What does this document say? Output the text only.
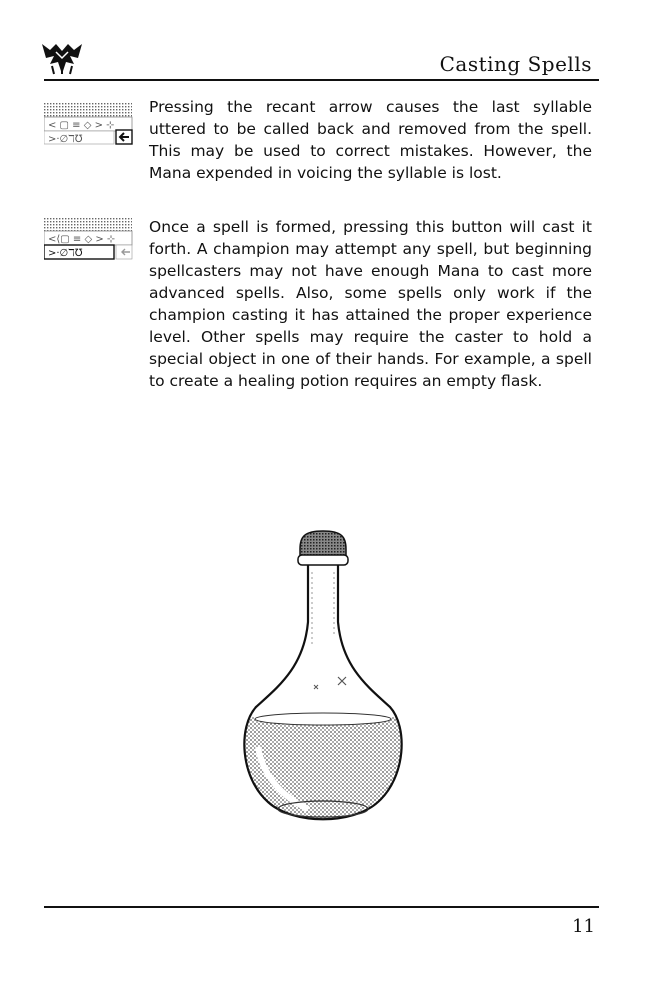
Casting Spells
< ▢ ≡ ◇ > ⊹
>·∅ℸ℧

Pressing the recant arrow causes the last syllable uttered to be called back and removed from the spell. This may be used to correct mistakes. However, the Mana expended in voicing the syllable is lost.

<⟨▢ ≡ ◇ > ⊹
>·∅ℸ℧

Once a spell is formed, pressing this button will cast it forth. A champion may attempt any spell, but beginning spellcasters may not have enough Mana to cast more advanced spells. Also, some spells only work if the champion casting it has attained the proper experience level. Other spells may require the caster to hold a special object in one of their hands. For example, a spell to create a healing potion requires an empty flask.

11
